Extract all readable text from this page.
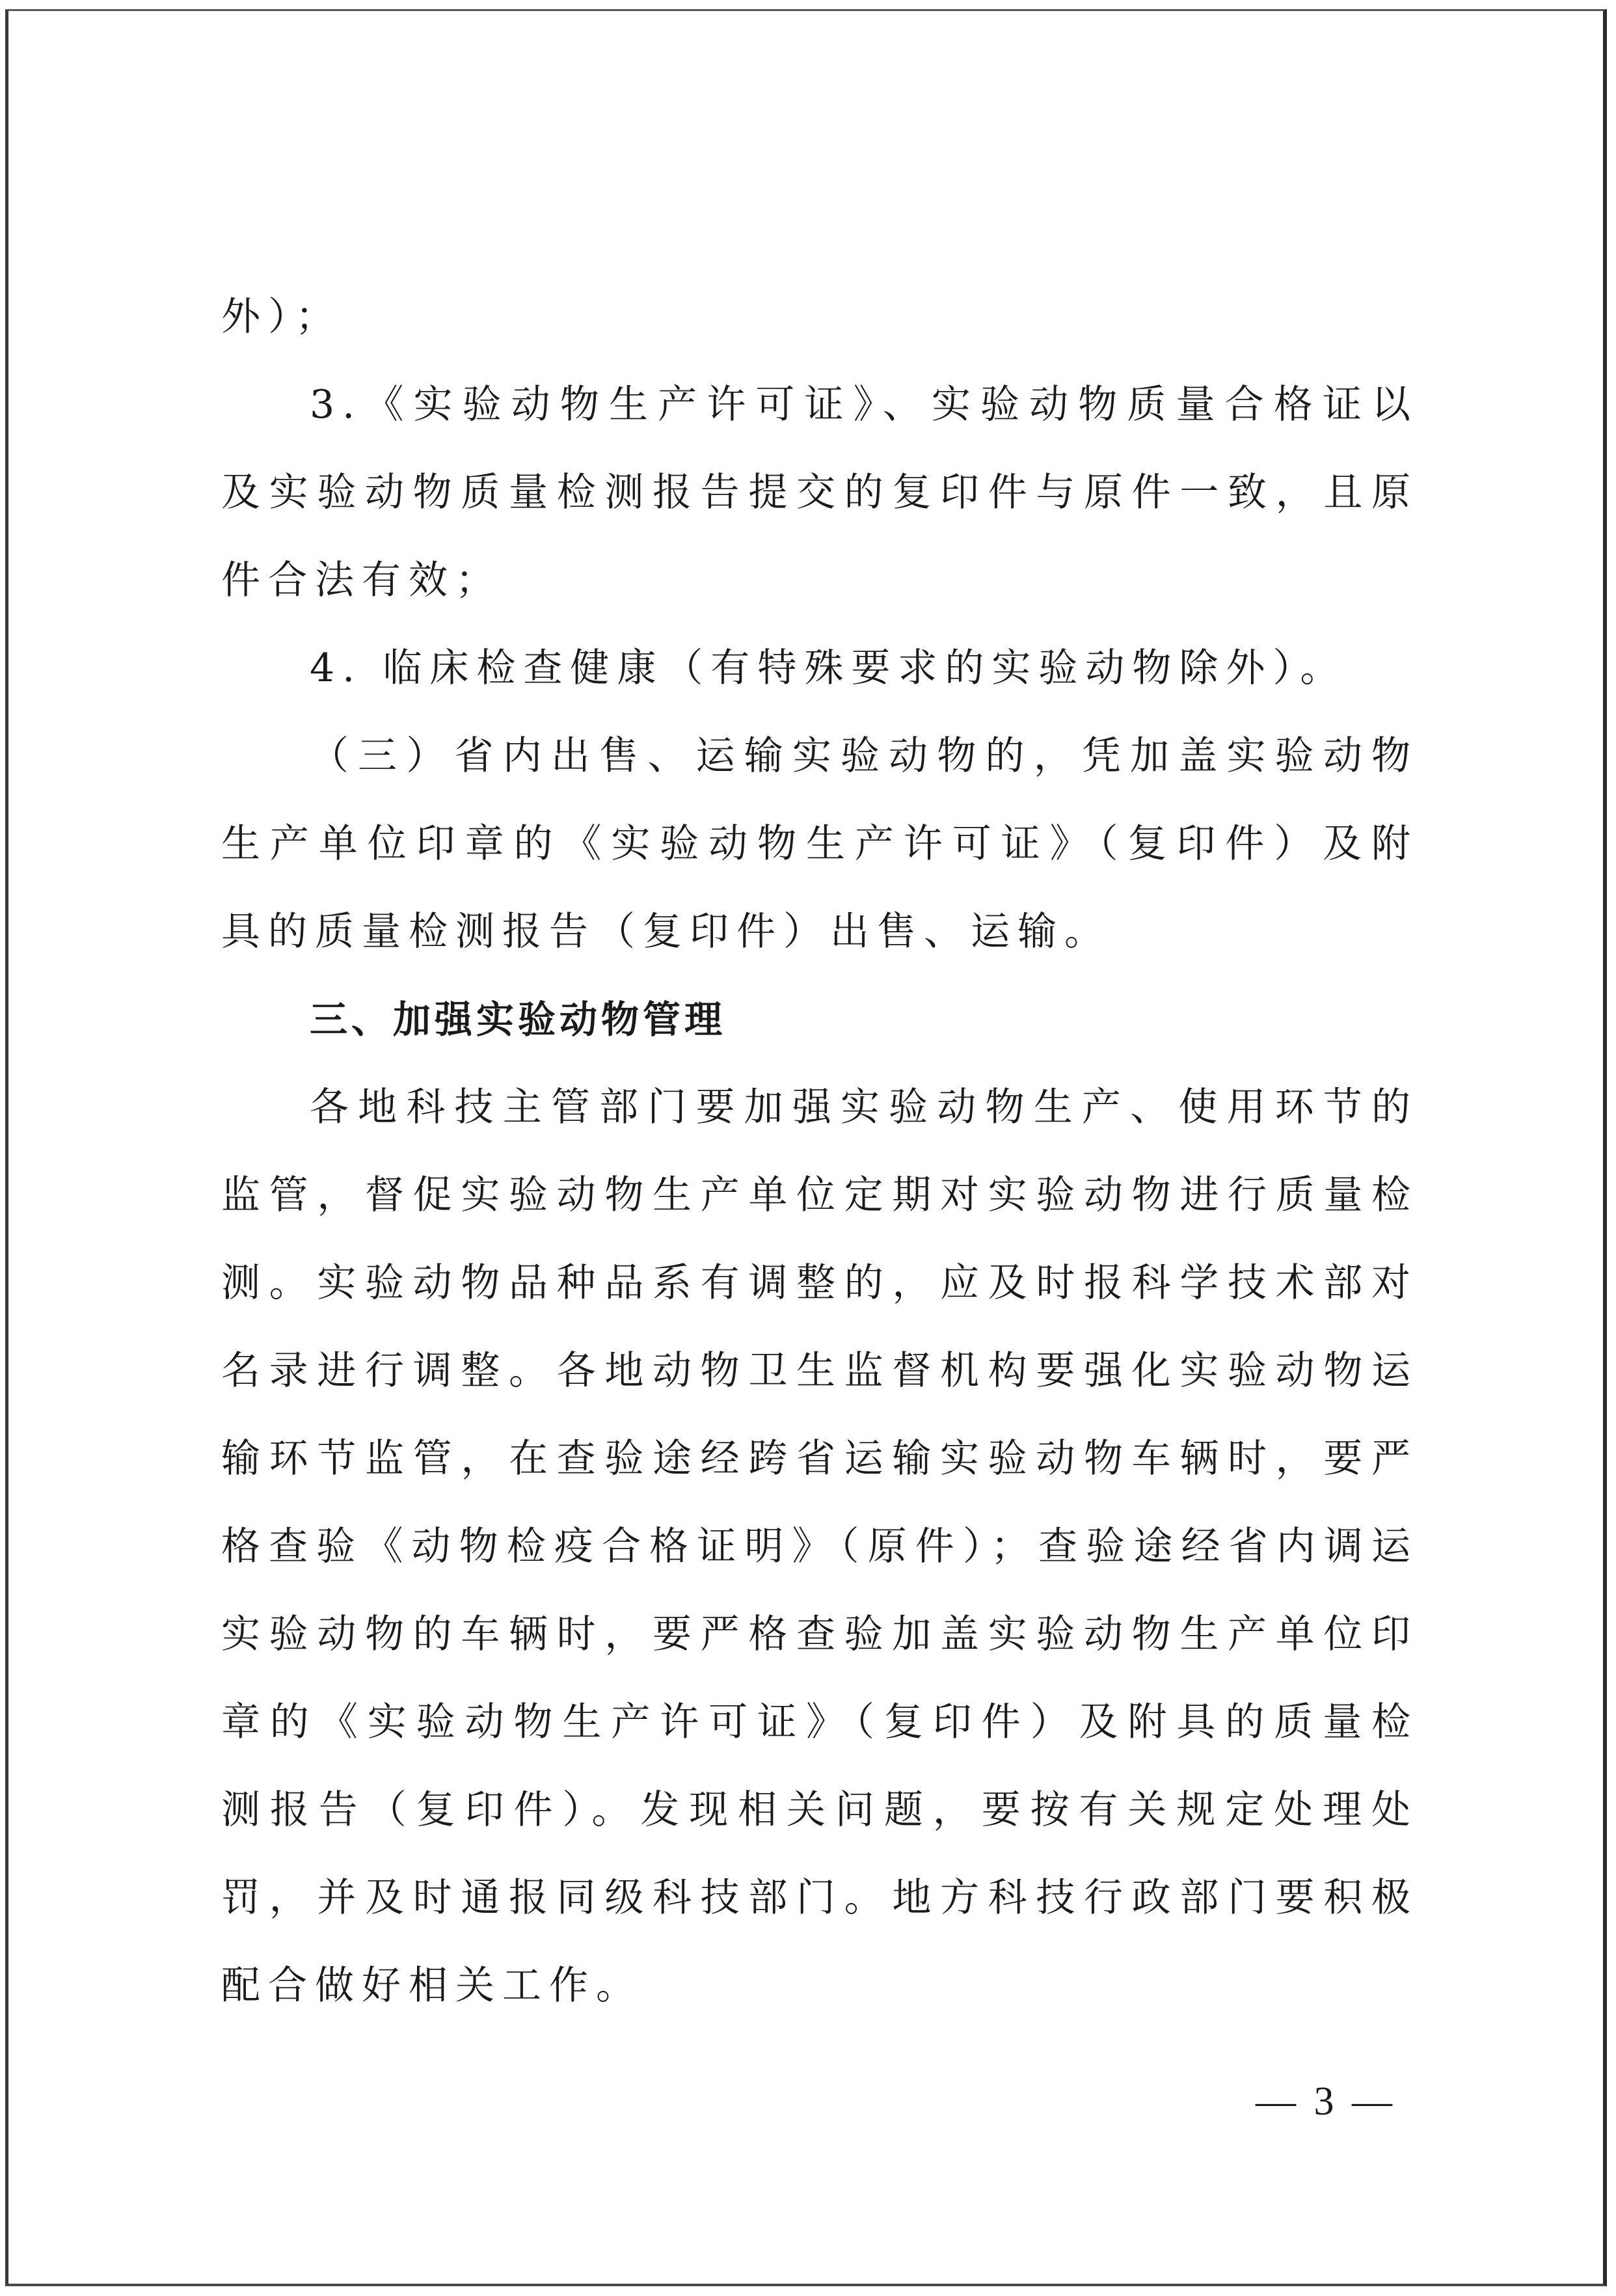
外）；

3.《实验动物生产许可证》、实验动物质量合格证以及实验动物质量检测报告提交的复印件与原件一致，且原件合法有效；

4. 临床检查健康（有特殊要求的实验动物除外）。

（三）省内出售、运输实验动物的，凭加盖实验动物生产单位印章的《实验动物生产许可证》（复印件）及附具的质量检测报告（复印件）出售、运输。

三、加强实验动物管理

各地科技主管部门要加强实验动物生产、使用环节的监管，督促实验动物生产单位定期对实验动物进行质量检测。实验动物品种品系有调整的，应及时报科学技术部对名录进行调整。各地动物卫生监督机构要强化实验动物运输环节监管，在查验途经跨省运输实验动物车辆时，要严格查验《动物检疫合格证明》（原件）；查验途经省内调运实验动物的车辆时，要严格查验加盖实验动物生产单位印章的《实验动物生产许可证》（复印件）及附具的质量检测报告（复印件）。发现相关问题，要按有关规定处理处罚，并及时通报同级科技部门。地方科技行政部门要积极配合做好相关工作。

— 3 —
